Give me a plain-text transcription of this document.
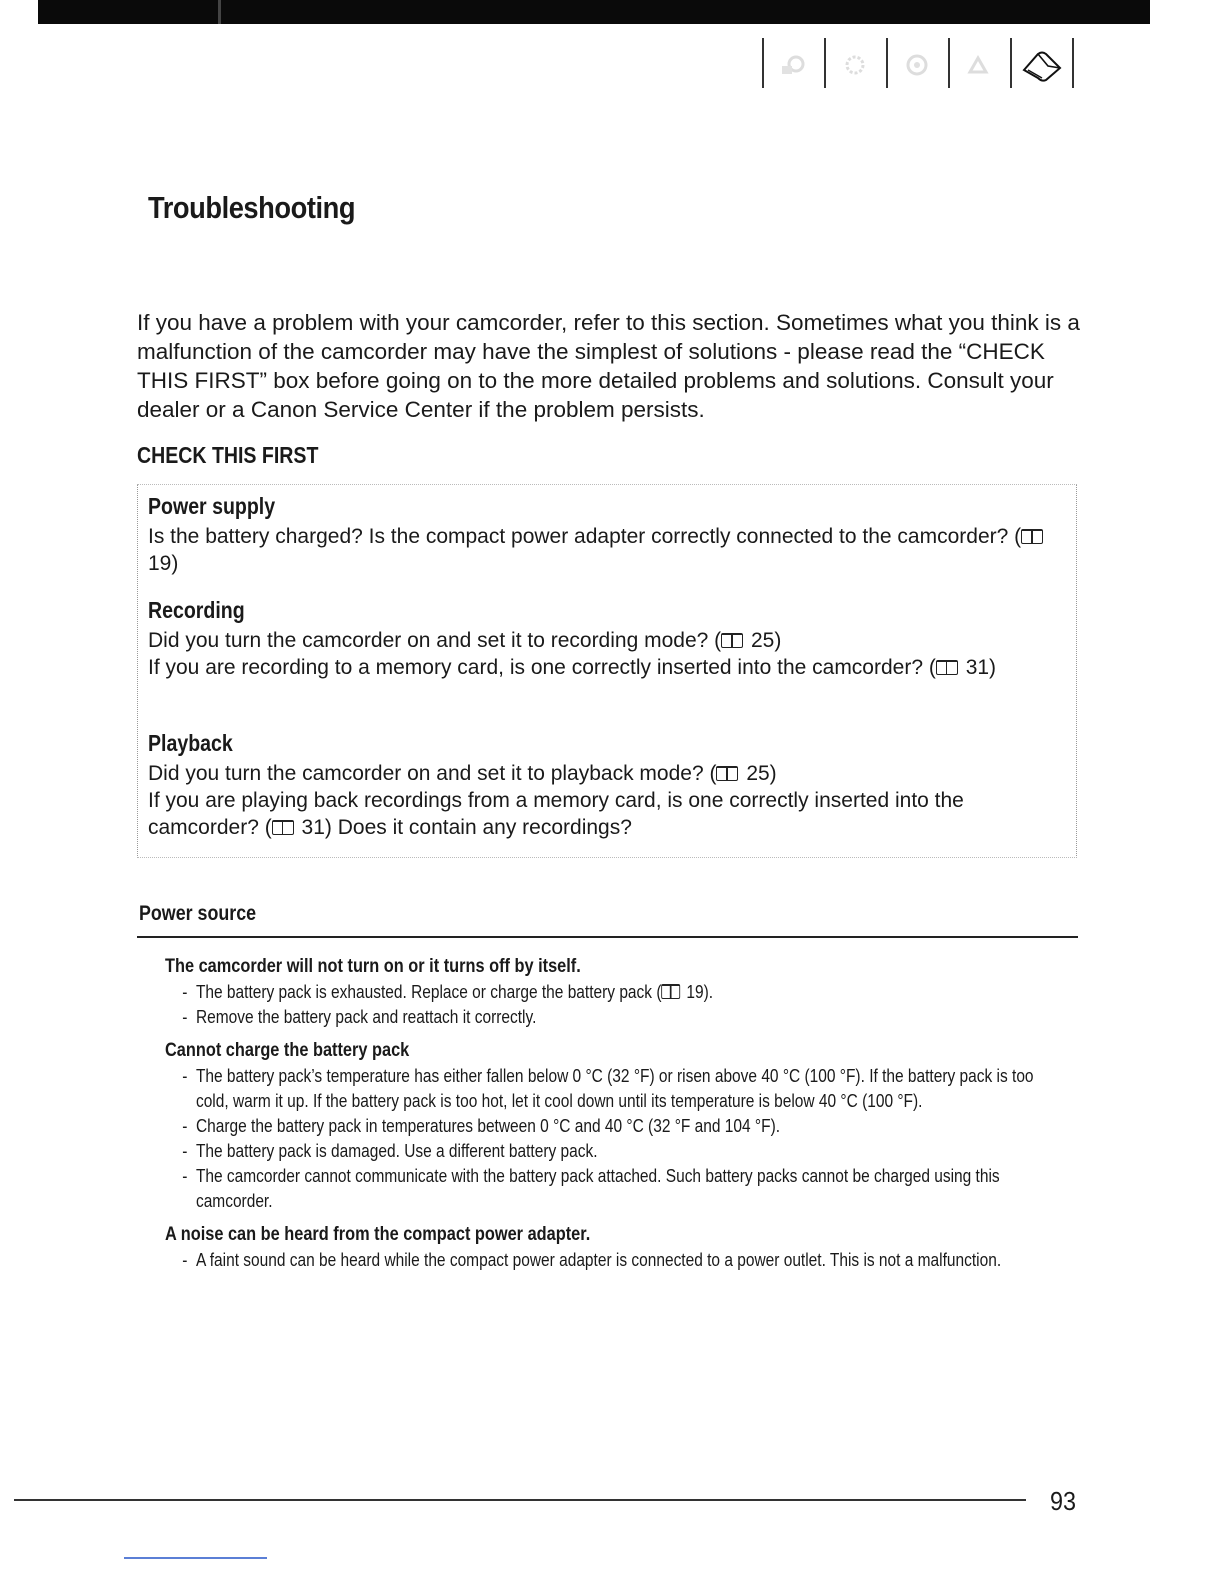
Troubleshooting

If you have a problem with your camcorder, refer to this section. Sometimes what you think is a malfunction of the camcorder may have the simplest of solutions - please read the “CHECK THIS FIRST” box before going on to the more detailed problems and solutions. Consult your dealer or a Canon Service Center if the problem persists.

CHECK THIS FIRST
Power supply

Is the battery charged? Is the compact power adapter correctly connected to the camcorder? ( 19)

Recording

Did you turn the camcorder on and set it to recording mode? ( 25)
If you are recording to a memory card, is one correctly inserted into the camcorder? ( 31)

Playback

Did you turn the camcorder on and set it to playback mode? ( 25)
If you are playing back recordings from a memory card, is one correctly inserted into the camcorder? ( 31) Does it contain any recordings?

Power source
The camcorder will not turn on or it turns off by itself.
- The battery pack is exhausted. Replace or charge the battery pack ( 19).
- Remove the battery pack and reattach it correctly.
Cannot charge the battery pack
- The battery pack’s temperature has either fallen below 0 °C (32 °F) or risen above 40 °C (100 °F). If the battery pack is too cold, warm it up. If the battery pack is too hot, let it cool down until its temperature is below 40 °C (100 °F).
- Charge the battery pack in temperatures between 0 °C and 40 °C (32 °F and 104 °F).
- The battery pack is damaged. Use a different battery pack.
- The camcorder cannot communicate with the battery pack attached. Such battery packs cannot be charged using this camcorder.
A noise can be heard from the compact power adapter.
- A faint sound can be heard while the compact power adapter is connected to a power outlet. This is not a malfunction.
93
